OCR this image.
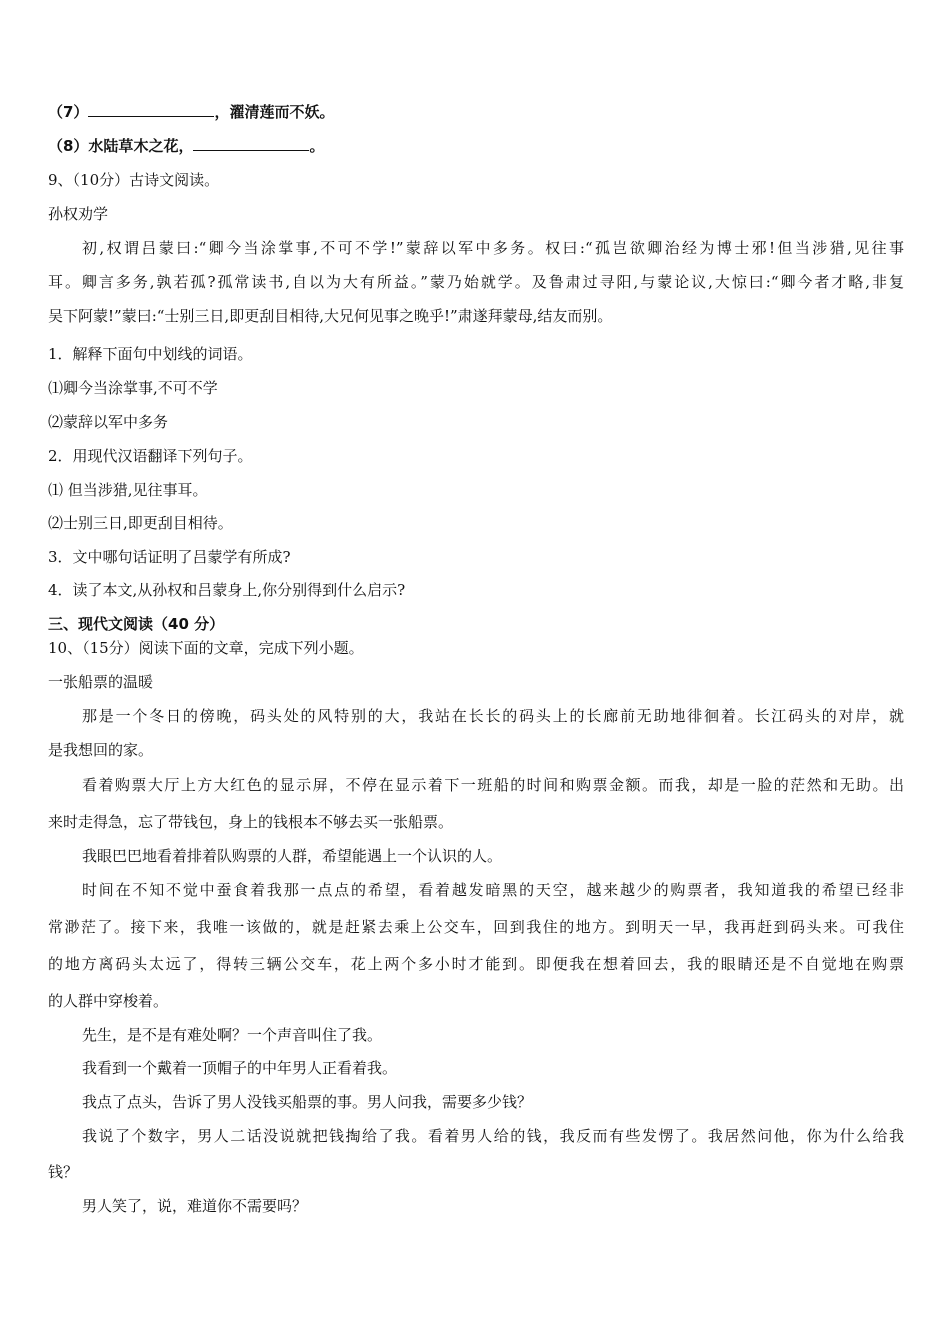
（7）	，濯清莲而不妖。
（8）水陆草木之花，	。
9、（10分）古诗文阅读。
孙权劝学
初,权谓吕蒙曰:“卿今当涂掌事,不可不学!”蒙辞以军中多务。权曰:“孤岂欲卿治经为博士邪!但当涉猎,见往事
耳。卿言多务,孰若孤?孤常读书,自以为大有所益。”蒙乃始就学。及鲁肃过寻阳,与蒙论议,大惊曰:“卿今者才略,非复
吴下阿蒙!”蒙曰:“士别三日,即更刮目相待,大兄何见事之晚乎!”肃遂拜蒙母,结友而别。
1．解释下面句中划线的词语。
⑴卿今当涂掌事,不可不学
⑵蒙辞以军中多务
2．用现代汉语翻译下列句子。
⑴ 但当涉猎,见往事耳。
⑵士别三日,即更刮目相待。
3．文中哪句话证明了吕蒙学有所成?
4．读了本文,从孙权和吕蒙身上,你分别得到什么启示?
三、现代文阅读（40 分）
10、（15分）阅读下面的文章，完成下列小题。
一张船票的温暖
那是一个冬日的傍晚，码头处的风特别的大，我站在长长的码头上的长廊前无助地徘徊着。长江码头的对岸，就
是我想回的家。
看着购票大厅上方大红色的显示屏，不停在显示着下一班船的时间和购票金额。而我，却是一脸的茫然和无助。出
来时走得急，忘了带钱包，身上的钱根本不够去买一张船票。
我眼巴巴地看着排着队购票的人群，希望能遇上一个认识的人。
时间在不知不觉中蚕食着我那一点点的希望，看着越发暗黑的天空，越来越少的购票者，我知道我的希望已经非
常渺茫了。接下来，我唯一该做的，就是赶紧去乘上公交车，回到我住的地方。到明天一早，我再赶到码头来。可我住
的地方离码头太远了，得转三辆公交车，花上两个多小时才能到。即便我在想着回去，我的眼睛还是不自觉地在购票
的人群中穿梭着。
先生，是不是有难处啊？一个声音叫住了我。
我看到一个戴着一顶帽子的中年男人正看着我。
我点了点头，告诉了男人没钱买船票的事。男人问我，需要多少钱？
我说了个数字，男人二话没说就把钱掏给了我。看着男人给的钱，我反而有些发愣了。我居然问他，你为什么给我
钱？
男人笑了，说，难道你不需要吗？
